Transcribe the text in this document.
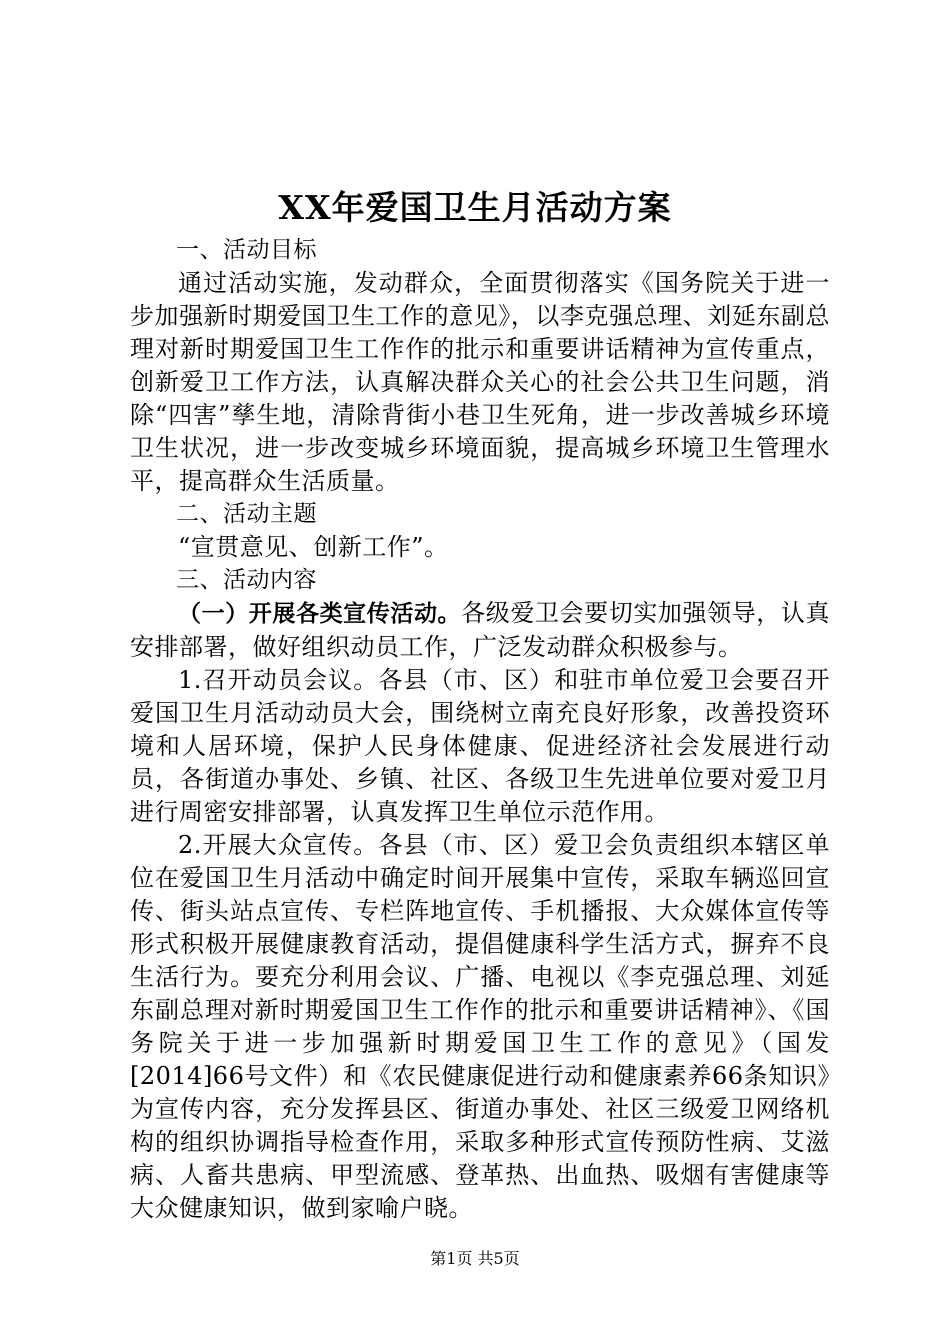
XX年爱国卫生月活动方案

一、活动目标

通过活动实施，发动群众，全面贯彻落实《国务院关于进一步加强新时期爱国卫生工作的意见》，以李克强总理、刘延东副总理对新时期爱国卫生工作作的批示和重要讲话精神为宣传重点，创新爱卫工作方法，认真解决群众关心的社会公共卫生问题，消除“四害”孳生地，清除背街小巷卫生死角，进一步改善城乡环境卫生状况，进一步改变城乡环境面貌，提高城乡环境卫生管理水平，提高群众生活质量。

二、活动主题

“宣贯意见、创新工作”。

三、活动内容

（一）开展各类宣传活动。各级爱卫会要切实加强领导，认真安排部署，做好组织动员工作，广泛发动群众积极参与。

1.召开动员会议。各县（市、区）和驻市单位爱卫会要召开爱国卫生月活动动员大会，围绕树立南充良好形象，改善投资环境和人居环境，保护人民身体健康、促进经济社会发展进行动员，各街道办事处、乡镇、社区、各级卫生先进单位要对爱卫月进行周密安排部署，认真发挥卫生单位示范作用。

2.开展大众宣传。各县（市、区）爱卫会负责组织本辖区单位在爱国卫生月活动中确定时间开展集中宣传，采取车辆巡回宣传、街头站点宣传、专栏阵地宣传、手机播报、大众媒体宣传等形式积极开展健康教育活动，提倡健康科学生活方式，摒弃不良生活行为。要充分利用会议、广播、电视以《李克强总理、刘延东副总理对新时期爱国卫生工作作的批示和重要讲话精神》、《国务院关于进一步加强新时期爱国卫生工作的意见》（国发[2014]66号文件）和《农民健康促进行动和健康素养66条知识》为宣传内容，充分发挥县区、街道办事处、社区三级爱卫网络机构的组织协调指导检查作用，采取多种形式宣传预防性病、艾滋病、人畜共患病、甲型流感、登革热、出血热、吸烟有害健康等大众健康知识，做到家喻户晓。

第1页 共5页
